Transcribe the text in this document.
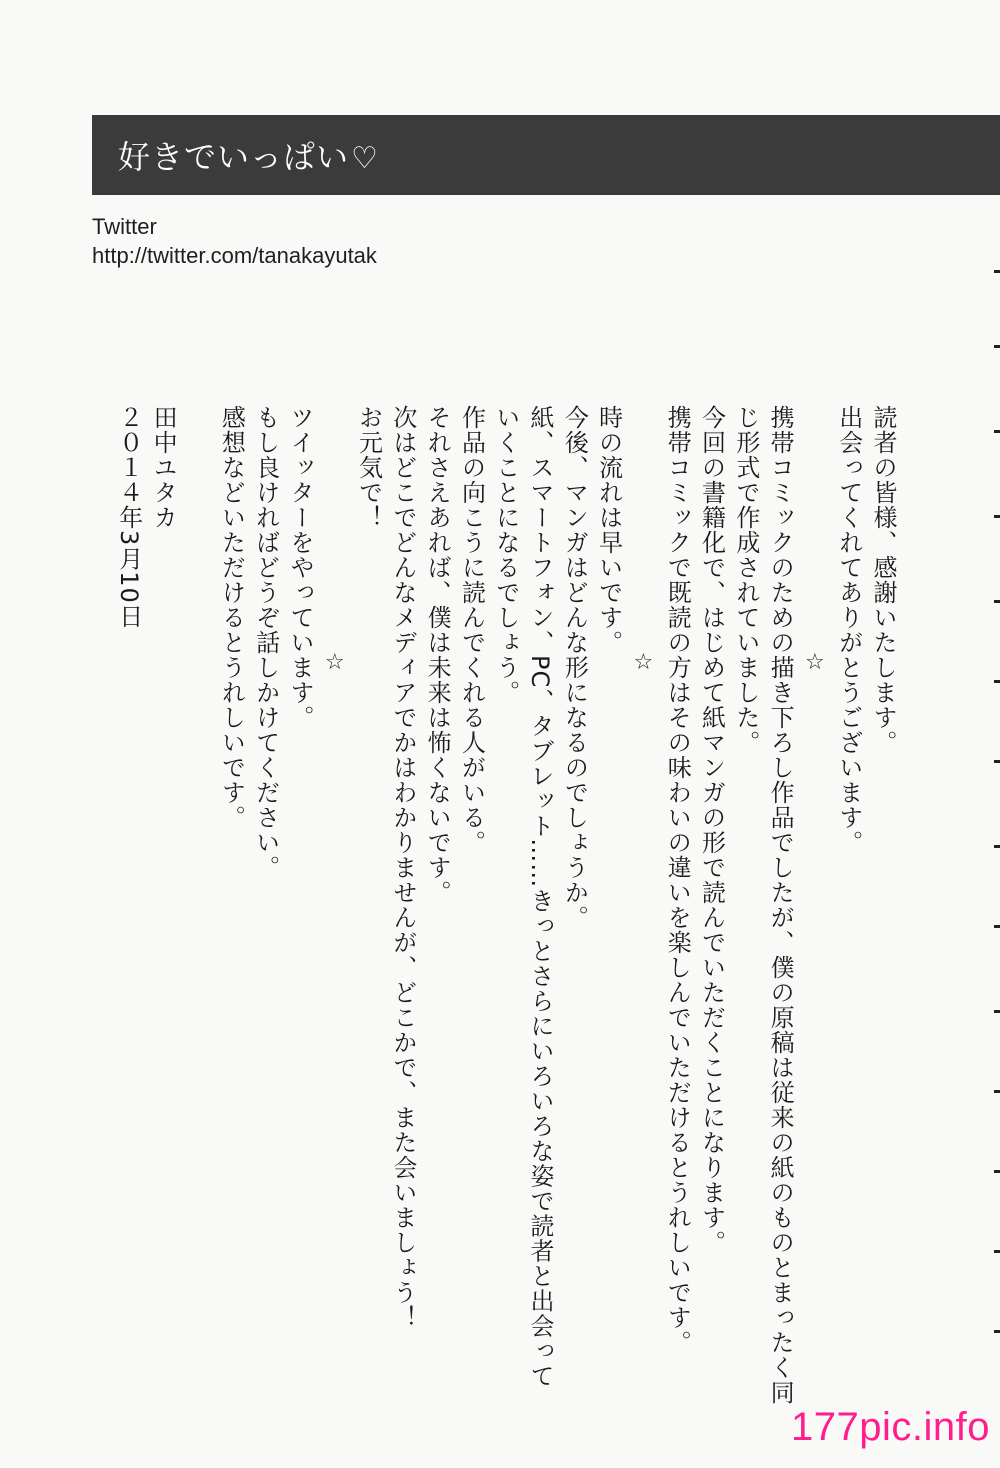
好きでいっぱい♡
Twitter
http://twitter.com/tanakayutak
読者の皆様、感謝いたします。
出会ってくれてありがとうございます。
☆
携帯コミックのための描き下ろし作品でしたが、僕の原稿は従来の紙のものとまったく同
じ形式で作成されていました。
今回の書籍化で、はじめて紙マンガの形で読んでいただくことになります。
携帯コミックで既読の方はその味わいの違いを楽しんでいただけるとうれしいです。
☆
時の流れは早いです。
今後、マンガはどんな形になるのでしょうか。
紙、スマートフォン、PC、タブレット……きっとさらにいろいろな姿で読者と出会って
いくことになるでしょう。
作品の向こうに読んでくれる人がいる。
それさえあれば、僕は未来は怖くないです。
次はどこでどんなメディアでかはわかりませんが、どこかで、また会いましょう！
お元気で！
☆
ツイッターをやっています。
もし良ければどうぞ話しかけてください。
感想などいただけるとうれしいです。
田中ユタカ
２０１４年3月10日
177pic.info
